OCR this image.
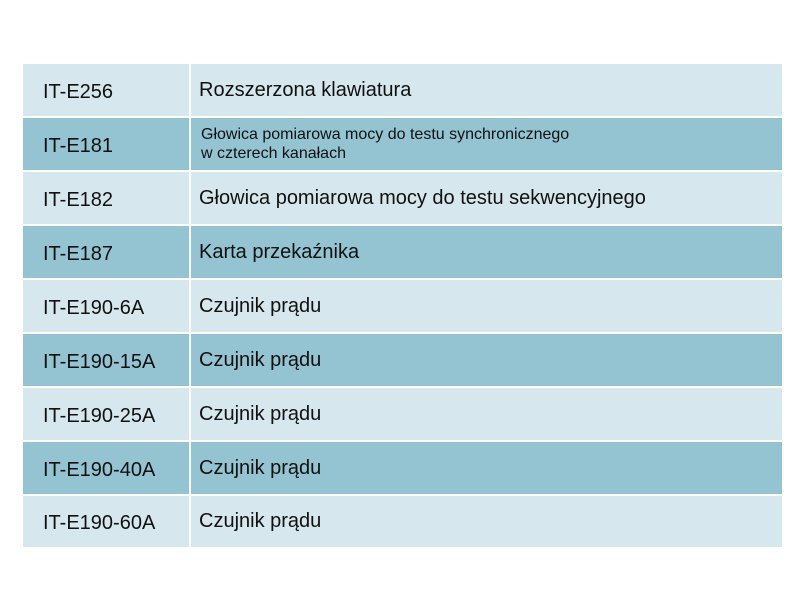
IT-E256	Rozszerzona klawiatura
IT-E181	Głowica pomiarowa mocy do testu synchronicznego
w czterech kanałach
IT-E182	Głowica pomiarowa mocy do testu sekwencyjnego
IT-E187	Karta przekaźnika
IT-E190-6A	Czujnik prądu
IT-E190-15A	Czujnik prądu
IT-E190-25A	Czujnik prądu
IT-E190-40A	Czujnik prądu
IT-E190-60A	Czujnik prądu
